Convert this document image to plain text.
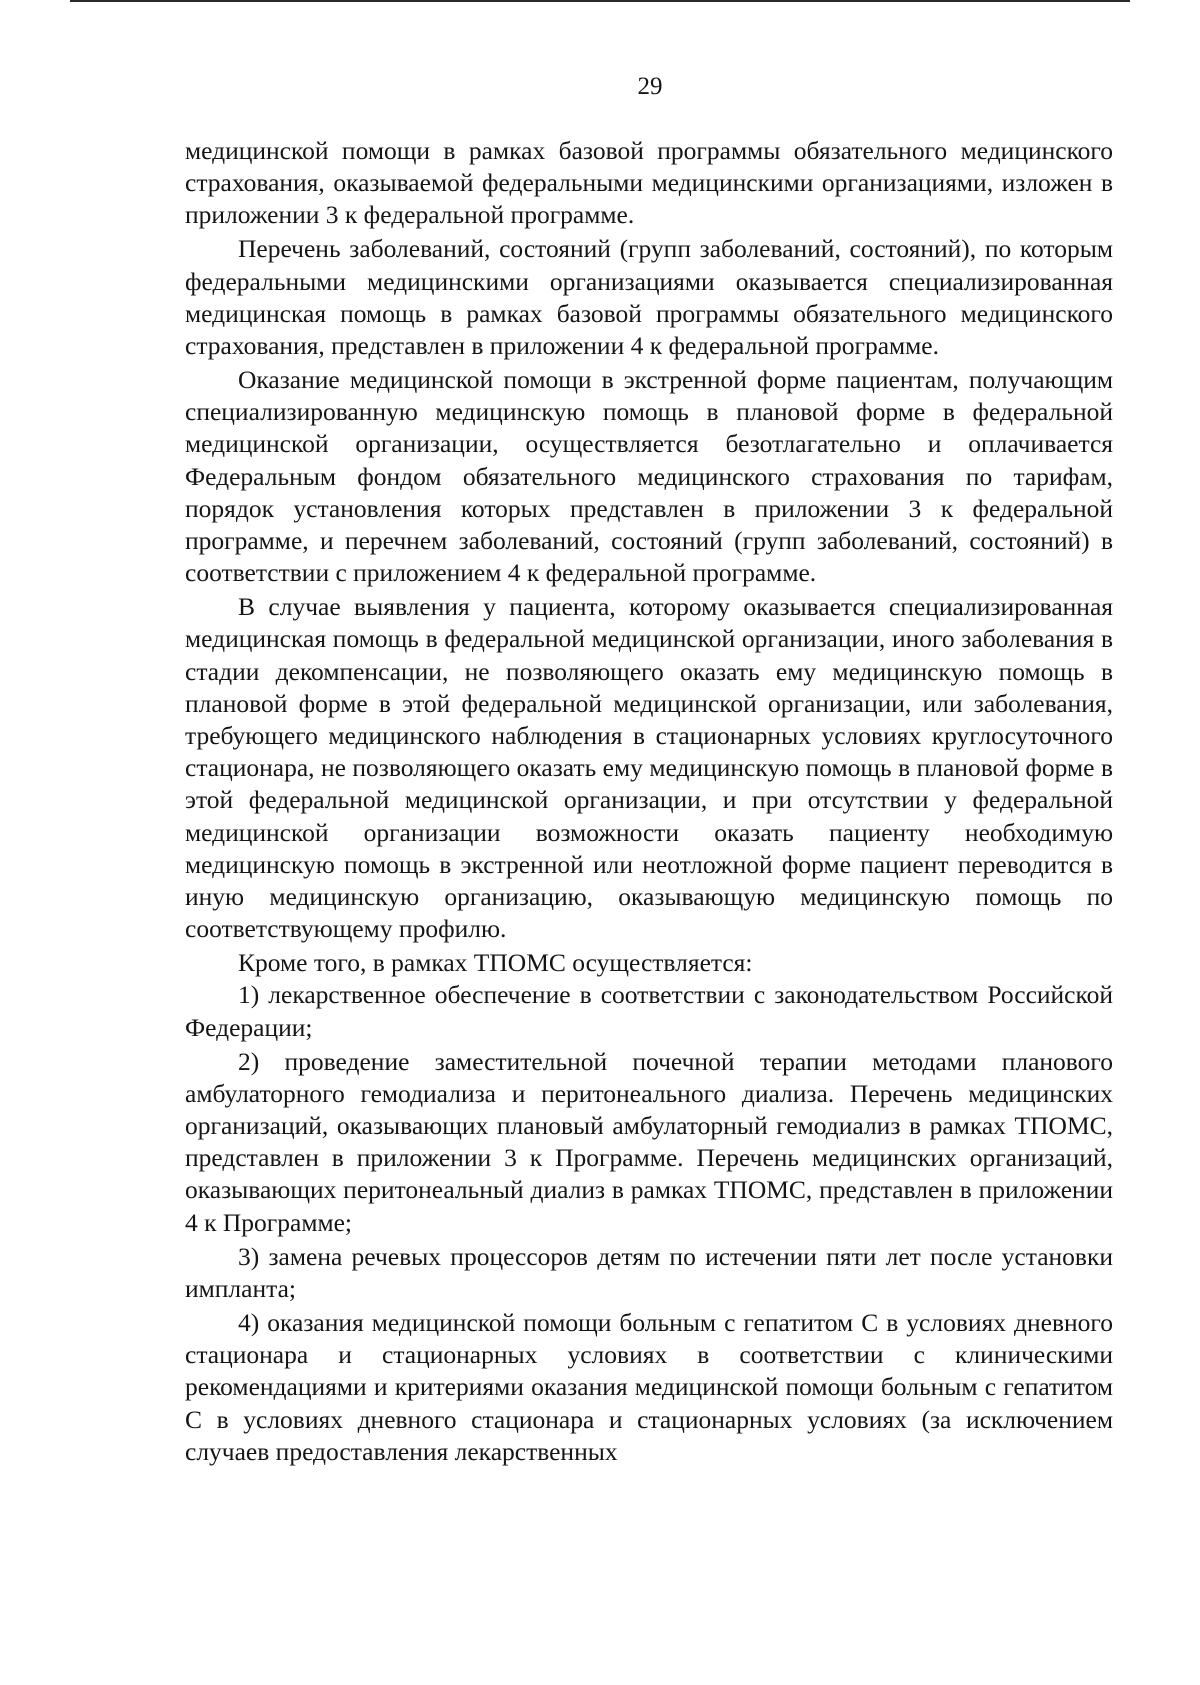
29

медицинской помощи в рамках базовой программы обязательного медицинского страхования, оказываемой федеральными медицинскими организациями, изложен в приложении 3 к федеральной программе.

Перечень заболеваний, состояний (групп заболеваний, состояний), по которым федеральными медицинскими организациями оказывается специализированная медицинская помощь в рамках базовой программы обязательного медицинского страхования, представлен в приложении 4 к федеральной программе.

Оказание медицинской помощи в экстренной форме пациентам, получающим специализированную медицинскую помощь в плановой форме в федеральной медицинской организации, осуществляется безотлагательно и оплачивается Федеральным фондом обязательного медицинского страхования по тарифам, порядок установления которых представлен в приложении 3 к федеральной программе, и перечнем заболеваний, состояний (групп заболеваний, состояний) в соответствии с приложением 4 к федеральной программе.

В случае выявления у пациента, которому оказывается специализированная медицинская помощь в федеральной медицинской организации, иного заболевания в стадии декомпенсации, не позволяющего оказать ему медицинскую помощь в плановой форме в этой федеральной медицинской организации, или заболевания, требующего медицинского наблюдения в стационарных условиях круглосуточного стационара, не позволяющего оказать ему медицинскую помощь в плановой форме в этой федеральной медицинской организации, и при отсутствии у федеральной медицинской организации возможности оказать пациенту необходимую медицинскую помощь в экстренной или неотложной форме пациент переводится в иную медицинскую организацию, оказывающую медицинскую помощь по соответствующему профилю.

Кроме того, в рамках ТПОМС осуществляется:

1) лекарственное обеспечение в соответствии с законодательством Российской Федерации;

2) проведение заместительной почечной терапии методами планового амбулаторного гемодиализа и перитонеального диализа. Перечень медицинских организаций, оказывающих плановый амбулаторный гемодиализ в рамках ТПОМС, представлен в приложении 3 к Программе. Перечень медицинских организаций, оказывающих перитонеальный диализ в рамках ТПОМС, представлен в приложении 4 к Программе;

3) замена речевых процессоров детям по истечении пяти лет после установки импланта;

4) оказания медицинской помощи больным с гепатитом С в условиях дневного стационара и стационарных условиях в соответствии с клиническими рекомендациями и критериями оказания медицинской помощи больным с гепатитом С в условиях дневного стационара и стационарных условиях (за исключением случаев предоставления лекарственных
